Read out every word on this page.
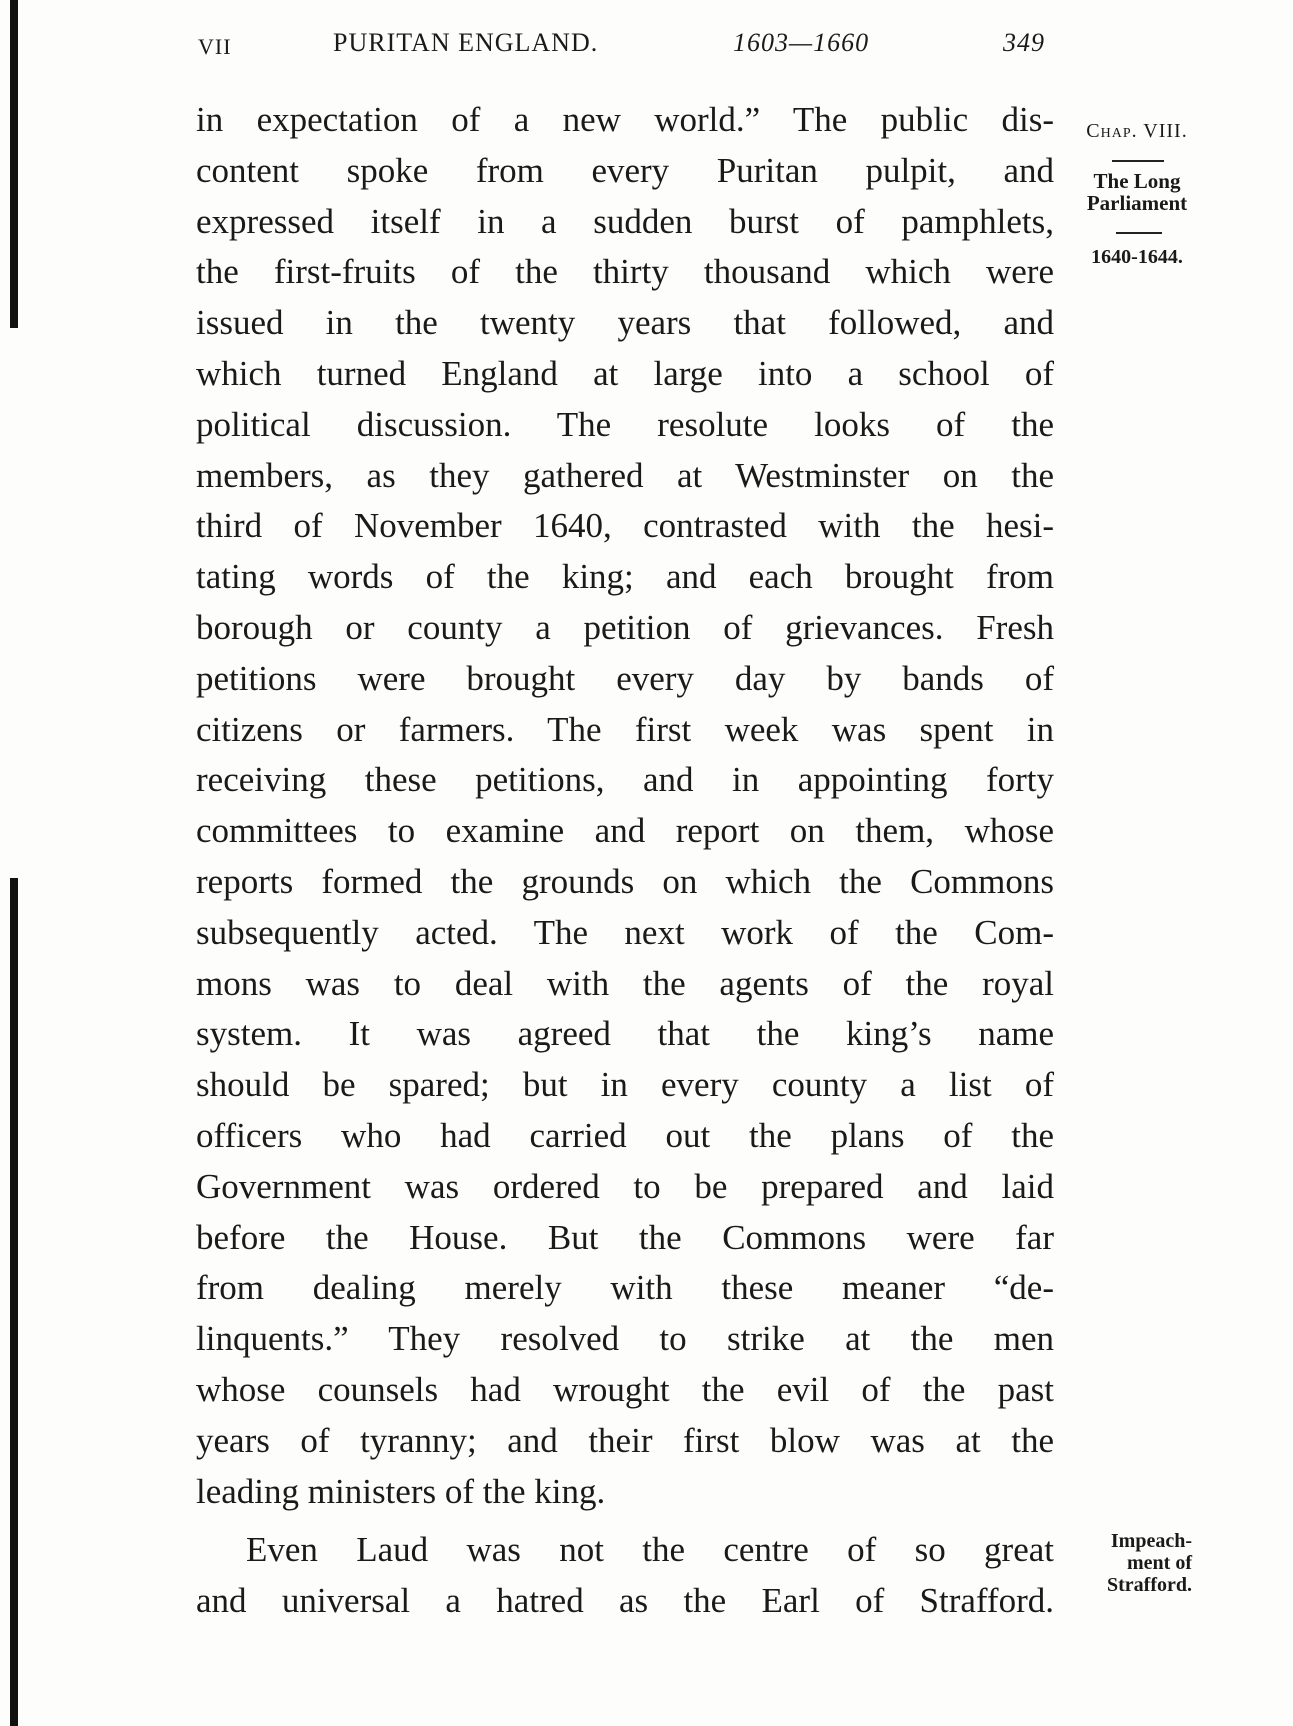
VII	PURITAN ENGLAND.	1603—1660	349

in expectation of a new world.” The public dis-

content spoke from every Puritan pulpit, and

expressed itself in a sudden burst of pamphlets,

the first-fruits of the thirty thousand which were

issued in the twenty years that followed, and

which turned England at large into a school of

political discussion. The resolute looks of the

members, as they gathered at Westminster on the

third of November 1640, contrasted with the hesi-

tating words of the king; and each brought from

borough or county a petition of grievances. Fresh

petitions were brought every day by bands of

citizens or farmers. The first week was spent in

receiving these petitions, and in appointing forty

committees to examine and report on them, whose

reports formed the grounds on which the Commons

subsequently acted. The next work of the Com-

mons was to deal with the agents of the royal

system. It was agreed that the king’s name

should be spared; but in every county a list of

officers who had carried out the plans of the

Government was ordered to be prepared and laid

before the House. But the Commons were far

from dealing merely with these meaner “de-

linquents.” They resolved to strike at the men

whose counsels had wrought the evil of the past

years of tyranny; and their first blow was at the

leading ministers of the king.

Even Laud was not the centre of so great

and universal a hatred as the Earl of Strafford.

Chap. VIII.
The Long
Parliament
1640-1644.
Impeach-
ment of
Strafford.
